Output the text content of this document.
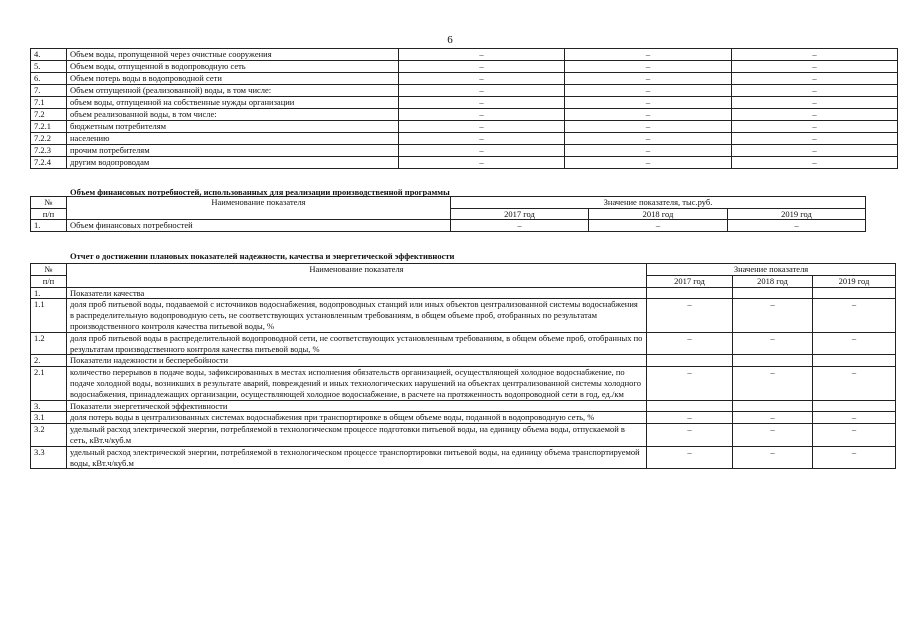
6
4.	Объем воды, пропущенной через очистные сооружения	–	–	–
5.	Объем воды, отпущенной в водопроводную сеть	–	–	–
6.	Объем потерь воды в водопроводной сети	–	–	–
7.	Объем отпущенной (реализованной) воды, в том числе:	–	–	–
7.1	объем воды, отпущенной на собственные нужды организации	–	–	–
7.2	объем реализованной воды, в том числе:	–	–	–
7.2.1	бюджетным потребителям	–	–	–
7.2.2	населению	–	–	–
7.2.3	прочим потребителям	–	–	–
7.2.4	другим водопроводам	–	–	–
Объем финансовых потребностей, использованных для реализации производственной программы
№	Наименование показателя	Значение показателя, тыс.руб.		
п/п		2017 год	2018 год	2019 год
1.	Объем финансовых потребностей	–	–	–
Отчет о достижении плановых показателей надежности, качества и энергетической эффективности
№	Наименование показателя	Значение показателя		
п/п		2017 год	2018 год	2019 год
1.	Показатели качества			
1.1	доля проб питьевой воды, подаваемой с источников водоснабжения, водопроводных станций или иных объектов централизованной системы водоснабжения в распределительную водопроводную сеть, не соответствующих установленным требованиям, в общем объеме проб, отобранных по результатам производственного контроля качества питьевой воды, %	–	–	–
1.2	доля проб питьевой воды в распределительной водопроводной сети, не соответствующих установленным требованиям, в общем объеме проб, отобранных по результатам производственного контроля качества питьевой воды, %	–	–	–
2.	Показатели надежности и бесперебойности			
2.1	количество перерывов в подаче воды, зафиксированных в местах исполнения обязательств организацией, осуществляющей холодное водоснабжение, по подаче холодной воды, возникших в результате аварий, повреждений и иных технологических нарушений на объектах централизованной системы холодного водоснабжения, принадлежащих организации, осуществляющей холодное водоснабжение, в расчете на протяженность водопроводной сети в год, ед./км	–	–	–
3.	Показатели энергетической эффективности			
3.1	доля потерь воды в централизованных системах водоснабжения при транспортировке в общем объеме воды, поданной в водопроводную сеть, %	–	–	–
3.2	удельный расход электрической энергии, потребляемой в технологическом процессе подготовки питьевой воды, на единицу объема воды, отпускаемой в сеть, кВт.ч/куб.м	–	–	–
3.3	удельный расход электрической энергии, потребляемой в технологическом процессе транспортировки питьевой воды, на единицу объема транспортируемой воды, кВт.ч/куб.м	–	–	–
